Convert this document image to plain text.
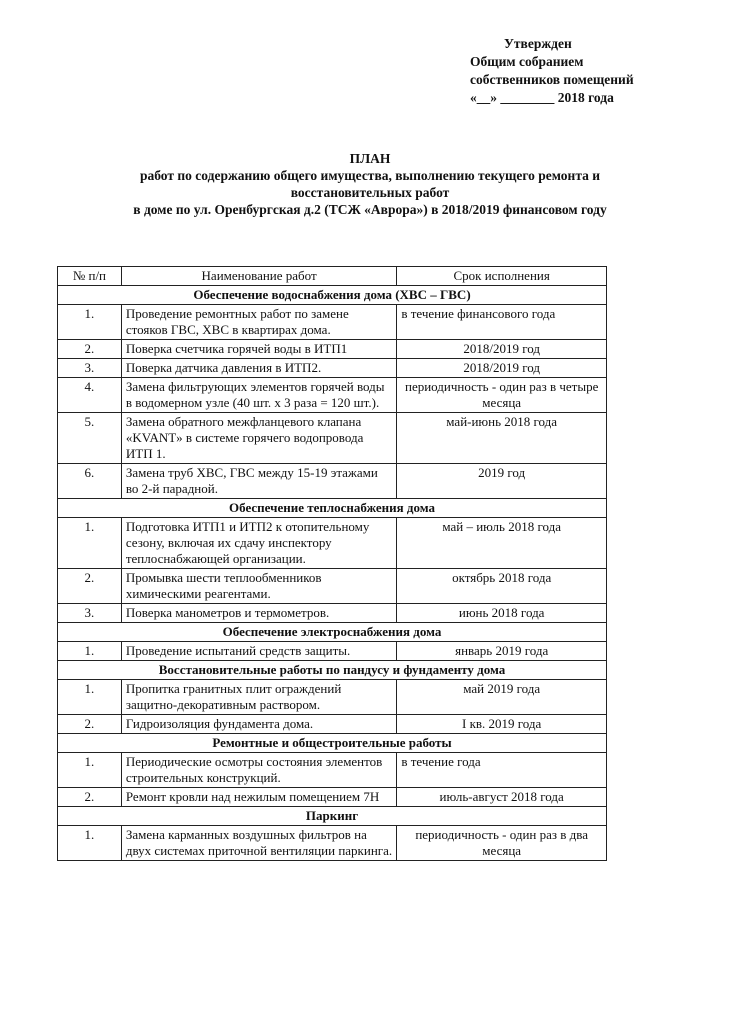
Утвержден
Общим собранием
собственников помещений
«__» ________ 2018 года
ПЛАН
работ по содержанию общего имущества, выполнению текущего ремонта и
восстановительных работ
в доме по ул. Оренбургская д.2 (ТСЖ «Аврора») в 2018/2019 финансовом году
№ п/п	Наименование работ	Срок исполнения
Обеспечение водоснабжения дома (ХВС – ГВС)		
1.	Проведение ремонтных работ по замене стояков ГВС, ХВС в квартирах дома.	в течение финансового года
2.	Поверка счетчика горячей воды в ИТП1	2018/2019 год
3.	Поверка датчика давления в ИТП2.	2018/2019 год
4.	Замена фильтрующих элементов горячей воды в водомерном узле (40 шт. х 3 раза = 120 шт.).	периодичность - один раз в четыре месяца
5.	Замена обратного межфланцевого клапана «KVANT» в системе горячего водопровода ИТП 1.	май-июнь 2018 года
6.	Замена труб ХВС, ГВС между 15-19 этажами во 2-й парадной.	2019 год
Обеспечение теплоснабжения дома		
1.	Подготовка ИТП1 и ИТП2 к отопительному сезону, включая их сдачу инспектору теплоснабжающей организации.	май – июль 2018 года
2.	Промывка шести теплообменников химическими реагентами.	октябрь 2018 года
3.	Поверка манометров и термометров.	июнь 2018 года
Обеспечение электроснабжения дома		
1.	Проведение испытаний средств защиты.	январь 2019 года
Восстановительные работы по пандусу и фундаменту дома		
1.	Пропитка гранитных плит ограждений защитно-декоративным раствором.	май 2019 года
2.	Гидроизоляция фундамента дома.	I кв. 2019 года
Ремонтные и общестроительные работы		
1.	Периодические осмотры состояния элементов строительных конструкций.	в течение года
2.	Ремонт кровли над нежилым помещением 7Н	июль-август 2018 года
Паркинг		
1.	Замена карманных воздушных фильтров на двух системах приточной вентиляции паркинга.	периодичность - один раз в два месяца
